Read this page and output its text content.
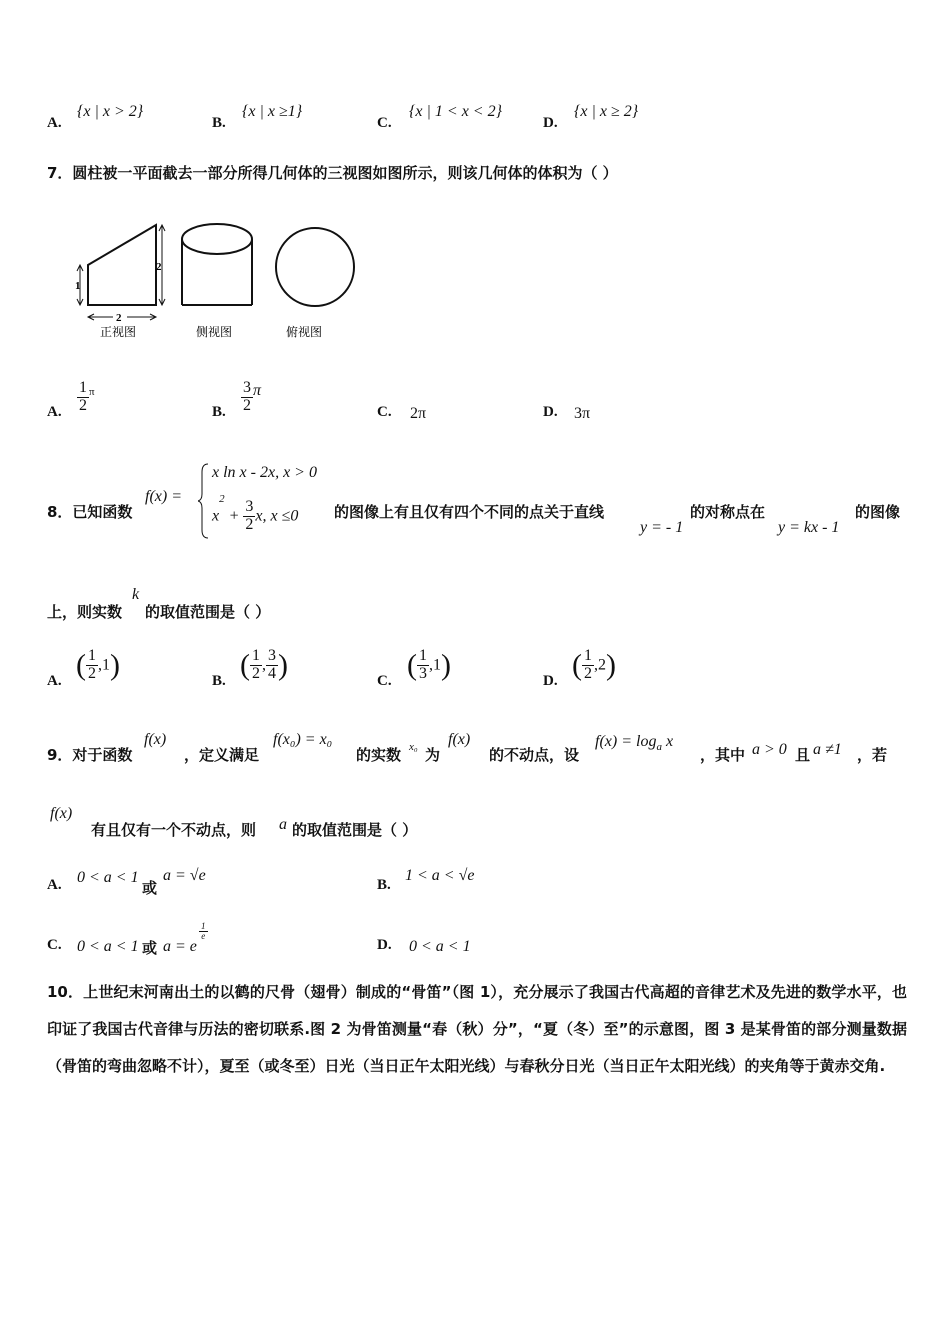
A.
{x | x > 2}
B.
{x | x ≥1}
C.
{x | 1 < x < 2}
D.
{x | x ≥ 2}
7．圆柱被一平面截去一部分所得几何体的三视图如图所示，则该几何体的体积为（ ）
1
2
2
正视图	侧视图	俯视图
A. $\frac{1}{2} ^\pi$
B. $\frac{3}{2}$ π
C. 2π	D. 3π
8．已知函数
f(x) =
x ln x - 2x, x > 0
$x^2 + \frac{3}{2} x$, x ≤0 的图像上有且仅有四个不同的点关于直线
y = - 1
的对称点在
y = kx - 1
的图像
上，则实数
k
的取值范围是（ ）
A. ( $\frac{1}{2} ,1$)	B. ( $\frac{1}{2}$ , $\frac{3}{4}$ )	C. ( $\frac{1}{3} ,1$)	D. ( $\frac{1}{2} ,2$)
9．对于函数
f(x)
，定义满足
f(x₀) = x₀
的实数 x₀ 为
f(x)
的不动点，设
$f(x) = \log_a x$
，其中 a > 0 且 a ≠1 ，若
f(x)
有且仅有一个不动点，则 a 的取值范围是（ ）
A. 0 < a < 1
或
a = √e
B.
1 < a < √e
C. 0 < a < 1 或 a = e
$\frac{1}{e}$
D. 0 < a < 1
10．上世纪末河南出土的以鹤的尺骨（翅骨）制成的“骨笛”（图 1），充分展示了我国古代高超的音律艺术及先进的数学水平，也印证了我国古代音律与历法的密切联系.图 2 为骨笛测量“春（秋）分”，“夏（冬）至”的示意图，图 3 是某骨笛的部分测量数据（骨笛的弯曲忽略不计），夏至（或冬至）日光（当日正午太阳光线）与春秋分日光（当日正午太阳光线）的夹角等于黄赤交角.
